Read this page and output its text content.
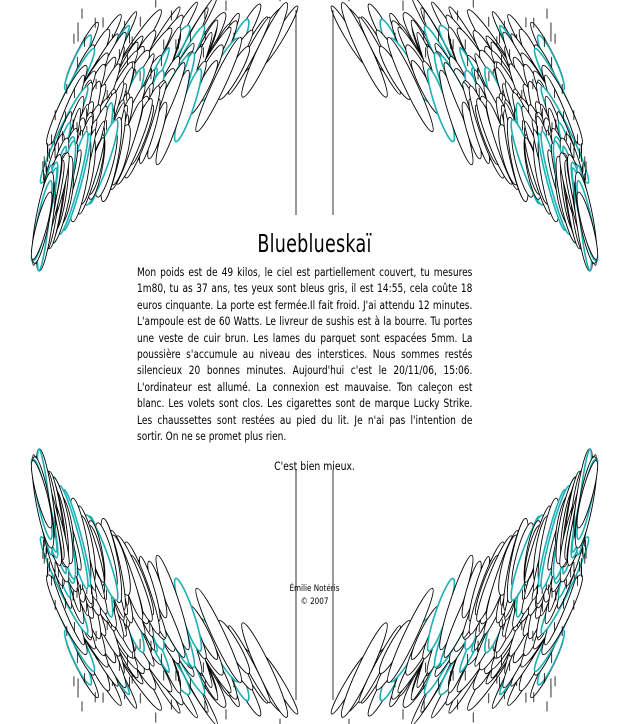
Blueblueskaï
Mon poids est de 49 kilos, le ciel est partiellement couvert, tu mesures 1m80, tu as 37 ans, tes yeux sont bleus gris, il est 14:55, cela coûte 18 euros cinquante. La porte est fermée.Il fait froid. J'ai attendu 12 minutes. L'ampoule est de 60 Watts. Le livreur de sushis est à la bourre. Tu portes une veste de cuir brun. Les lames du parquet sont espacées 5mm. La poussière s'accumule au niveau des interstices. Nous sommes restés silencieux 20 bonnes minutes. Aujourd'hui c'est le 20/11/06, 15:06. L'ordinateur est allumé. La connexion est mauvaise. Ton caleçon est blanc. Les volets sont clos. Les cigarettes sont de marque Lucky Strike. Les chaussettes sont restées au pied du lit. Je n'ai pas l'intention de sortir. On ne se promet plus rien.

C'est bien mieux.

Émilie Notéris
© 2007
